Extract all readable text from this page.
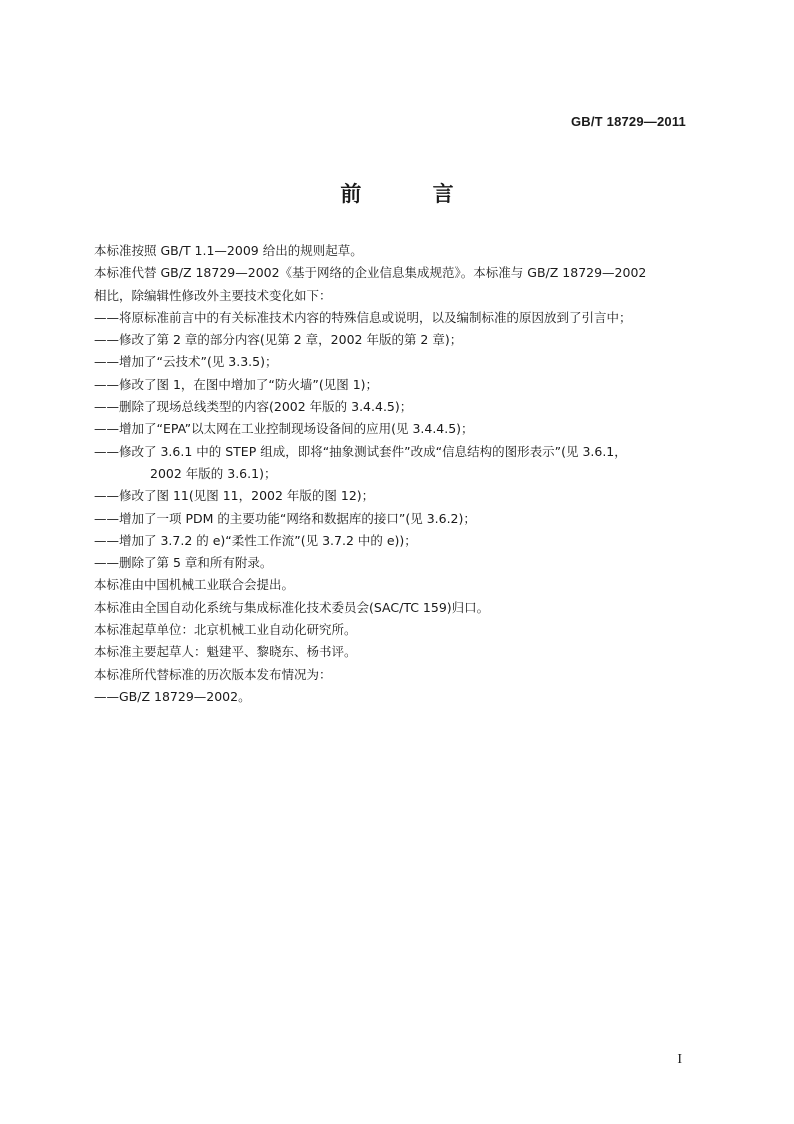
GB/T 18729—2011
前 言
本标准按照 GB/T 1.1—2009 给出的规则起草。
本标准代替 GB/Z 18729—2002《基于网络的企业信息集成规范》。本标准与 GB/Z 18729—2002
相比，除编辑性修改外主要技术变化如下：
——将原标准前言中的有关标准技术内容的特殊信息或说明，以及编制标准的原因放到了引言中；
——修改了第 2 章的部分内容(见第 2 章，2002 年版的第 2 章)；
——增加了“云技术”(见 3.3.5)；
——修改了图 1，在图中增加了“防火墙”(见图 1)；
——删除了现场总线类型的内容(2002 年版的 3.4.4.5)；
——增加了“EPA”以太网在工业控制现场设备间的应用(见 3.4.4.5)；
——修改了 3.6.1 中的 STEP 组成，即将“抽象测试套件”改成“信息结构的图形表示”(见 3.6.1，
2002 年版的 3.6.1)；
——修改了图 11(见图 11，2002 年版的图 12)；
——增加了一项 PDM 的主要功能“网络和数据库的接口”(见 3.6.2)；
——增加了 3.7.2 的 e)“柔性工作流”(见 3.7.2 中的 e))；
——删除了第 5 章和所有附录。
本标准由中国机械工业联合会提出。
本标准由全国自动化系统与集成标准化技术委员会(SAC/TC 159)归口。
本标准起草单位：北京机械工业自动化研究所。
本标准主要起草人：魁建平、黎晓东、杨书评。
本标准所代替标准的历次版本发布情况为：
——GB/Z 18729—2002。
I
